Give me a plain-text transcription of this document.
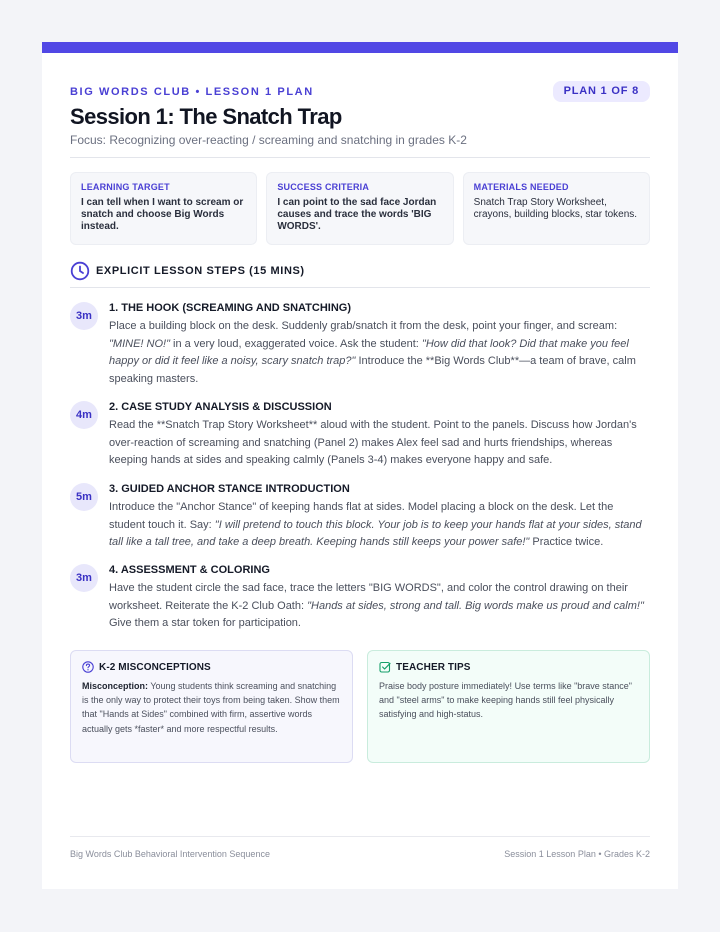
BIG WORDS CLUB • LESSON 1 PLAN	PLAN 1 OF 8
Session 1: The Snatch Trap
Focus: Recognizing over-reacting / screaming and snatching in grades K-2
LEARNING TARGET
I can tell when I want to scream or snatch and choose Big Words instead.
SUCCESS CRITERIA
I can point to the sad face Jordan causes and trace the words 'BIG WORDS'.
MATERIALS NEEDED
Snatch Trap Story Worksheet, crayons, building blocks, star tokens.
EXPLICIT LESSON STEPS (15 MINS)
3m
1. THE HOOK (SCREAMING AND SNATCHING)
Place a building block on the desk. Suddenly grab/snatch it from the desk, point your finger, and scream: "MINE! NO!" in a very loud, exaggerated voice. Ask the student: "How did that look? Did that make you feel happy or did it feel like a noisy, scary snatch trap?" Introduce the **Big Words Club**—a team of brave, calm speaking masters.
4m
2. CASE STUDY ANALYSIS & DISCUSSION
Read the **Snatch Trap Story Worksheet** aloud with the student. Point to the panels. Discuss how Jordan's over-reaction of screaming and snatching (Panel 2) makes Alex feel sad and hurts friendships, whereas keeping hands at sides and speaking calmly (Panels 3-4) makes everyone happy and safe.
5m
3. GUIDED ANCHOR STANCE INTRODUCTION
Introduce the "Anchor Stance" of keeping hands flat at sides. Model placing a block on the desk. Let the student touch it. Say: "I will pretend to touch this block. Your job is to keep your hands flat at your sides, stand tall like a tall tree, and take a deep breath. Keeping hands still keeps your power safe!" Practice twice.
3m
4. ASSESSMENT & COLORING
Have the student circle the sad face, trace the letters "BIG WORDS", and color the control drawing on their worksheet. Reiterate the K-2 Club Oath: "Hands at sides, strong and tall. Big words make us proud and calm!" Give them a star token for participation.
K-2 MISCONCEPTIONS
Misconception: Young students think screaming and snatching is the only way to protect their toys from being taken. Show them that "Hands at Sides" combined with firm, assertive words actually gets *faster* and more respectful results.
TEACHER TIPS
Praise body posture immediately! Use terms like "brave stance" and "steel arms" to make keeping hands still feel physically satisfying and high-status.
Big Words Club Behavioral Intervention Sequence	Session 1 Lesson Plan • Grades K-2
